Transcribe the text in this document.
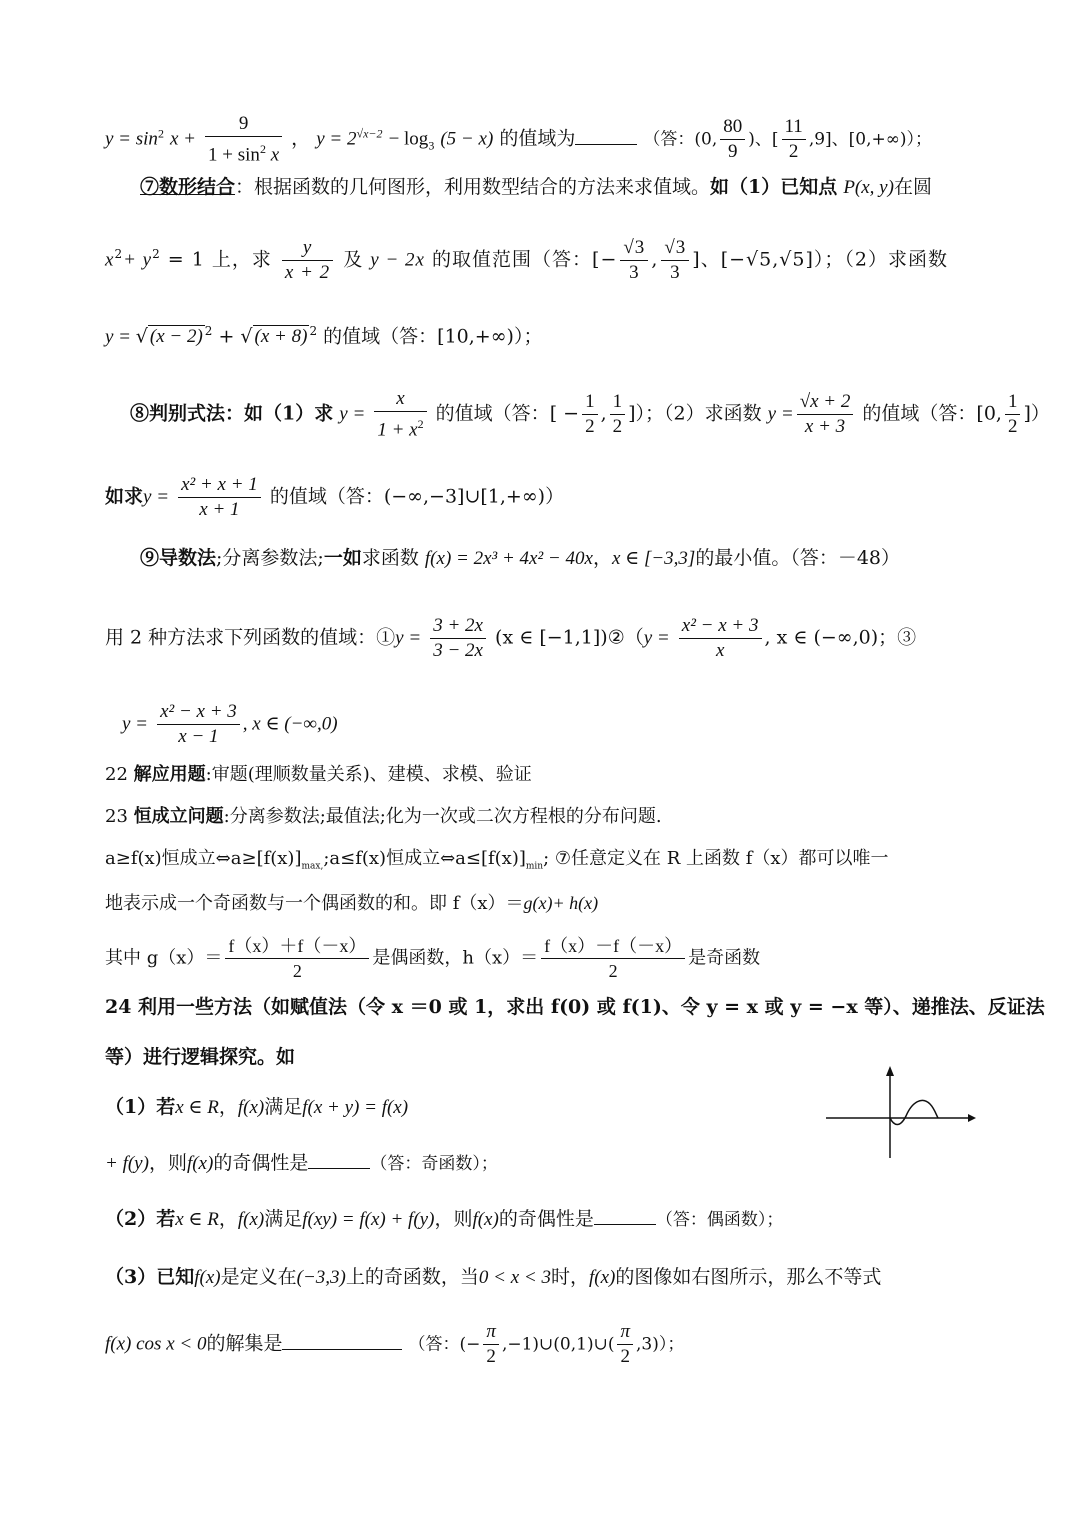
$y = \sin^2 x + \frac{9}{1 + \sin^2 x}$ ， $y = 2^{√x-2} - \log_3 (5 - x)$ 的值域为	（答：(0, $\frac{80}{9}$ )、[ $\frac{11}{2} ,9$]、[0,+∞)）；
⑦数形结合：根据函数的几何图形，利用数型结合的方法来求值域。如（1）已知点 P(x, y)在圆
$x^2+ y^2 = 1$ 上，求 $\frac{y}{x + 2}$ 及 y − 2x 的取值范围（答：[− $\frac{√3}{3}$ , $\frac{√3}{3}$ ]、[−√5,√5]）；（2）求函数
y = √ (x − 2) $^2$ + √ (x + 8) $^2$ 的值域（答：[10,+∞)）；
⑧判别式法：如（1）求 $y = \frac{x}{1 + x^2}$ 的值域（答：[ − $\frac{1}{2}$ , $\frac{1}{2}$ ]）；（2）求函数 $y = \frac{√x + 2}{x + 3}$ 的值域（答：[0, $\frac{1}{2}$ ]）
如求$y = \frac{\text{x² + x + 1}}{x + 1}$ 的值域（答：(−∞,−3]∪[1,+∞)）
⑨导数法;分离参数法;一如求函数 f(x) = 2x³ + 4x² − 40x，x ∈ [−3,3]的最小值。（答：－48）
用 2 种方法求下列函数的值域：①y = $\frac{3 + 2x}{3 - 2x} (x$ ∈ [−1,1])②（y = $\frac{\text{x² − x + 3}}{x}$ , x ∈ (−∞,0)；③
$y = \frac{\text{x² − x + 3}}{x - 1}$ , x ∈ (−∞,0)
22 解应用题:审题(理顺数量关系)、建模、求模、验证
23 恒成立问题:分离参数法;最值法;化为一次或二次方程根的分布问题.
a≥f(x)恒成立$\Leftrightarrow a\ge[f(x)]_{max,};a\le f(x)$恒成立$\Leftrightarrow a\le[f(x)]_{min}$; ⑦任意定义在 R 上函数 f（x）都可以唯一
地表示成一个奇函数与一个偶函数的和。即 f（x）＝g(x)+ h(x)
其中 $g(x)= \frac{f(x)+f(-x)}{2}$ 是偶函数，$h(x)= \frac{f(x)-f(-x)}{2}$ 是奇函数
24 利用一些方法（如赋值法（令 x ＝0 或 1，求出 f(0) 或 f(1)、令 y = x 或 y = −x 等）、递推法、反证法
等）进行逻辑探究。如
（1）若x ∈ R，f(x)满足f(x + y) = f(x)
+ f(y)，则f(x)的奇偶性是	（答：奇函数）；
（2）若x ∈ R，f(x)满足f(xy) = f(x) + f(y)，则f(x)的奇偶性是	（答：偶函数）；
（3）已知f(x)是定义在(−3,3)上的奇函数，当0 < x < 3时，f(x)的图像如右图所示，那么不等式
f(x) cos x < 0的解集是	（答：(− $\frac{\pi}{2}$ ,−1)∪(0,1)∪( $\frac{\pi}{2} ,3$)）；
